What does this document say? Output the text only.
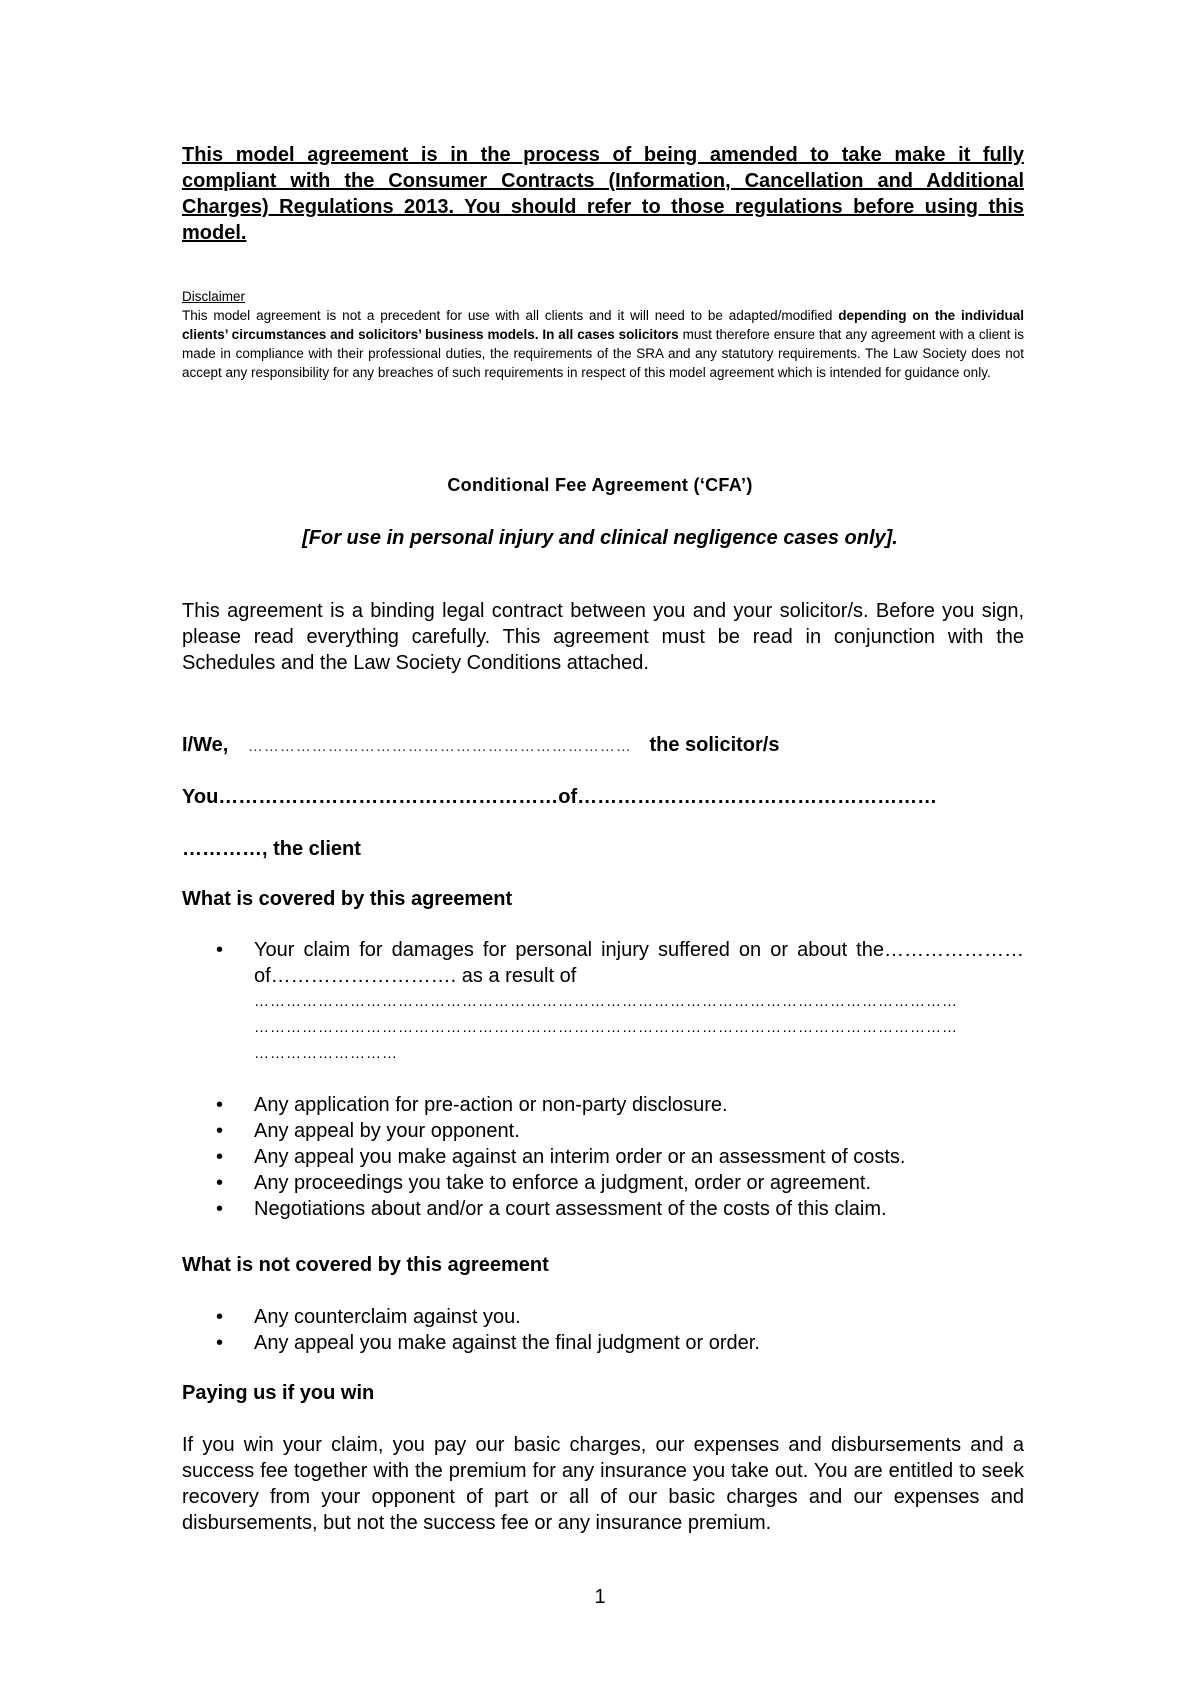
This model agreement is in the process of being amended to take make it fully compliant with the Consumer Contracts (Information, Cancellation and Additional Charges) Regulations 2013. You should refer to those regulations before using this model.
Disclaimer
This model agreement is not a precedent for use with all clients and it will need to be adapted/modified depending on the individual clients’ circumstances and solicitors’ business models. In all cases solicitors must therefore ensure that any agreement with a client is made in compliance with their professional duties, the requirements of the SRA and any statutory requirements. The Law Society does not accept any responsibility for any breaches of such requirements in respect of this model agreement which is intended for guidance only.
Conditional Fee Agreement (‘CFA’)
[For use in personal injury and clinical negligence cases only].
This agreement is a binding legal contract between you and your solicitor/s. Before you sign, please read everything carefully. This agreement must be read in conjunction with the Schedules and the Law Society Conditions attached.
I/We, ……………………………………………………………… the solicitor/s
You……………………………………………of………………………………………………
…………, the client
What is covered by this agreement
• Your claim for damages for personal injury suffered on or about the…………………of………………………. as a result of
……………………………………………………………………………………………………………………
……………………………………………………………………………………………………………………
………………………
• Any application for pre-action or non-party disclosure.
• Any appeal by your opponent.
• Any appeal you make against an interim order or an assessment of costs.
• Any proceedings you take to enforce a judgment, order or agreement.
• Negotiations about and/or a court assessment of the costs of this claim.
What is not covered by this agreement
• Any counterclaim against you.
• Any appeal you make against the final judgment or order.
Paying us if you win
If you win your claim, you pay our basic charges, our expenses and disbursements and a success fee together with the premium for any insurance you take out. You are entitled to seek recovery from your opponent of part or all of our basic charges and our expenses and disbursements, but not the success fee or any insurance premium.
1
